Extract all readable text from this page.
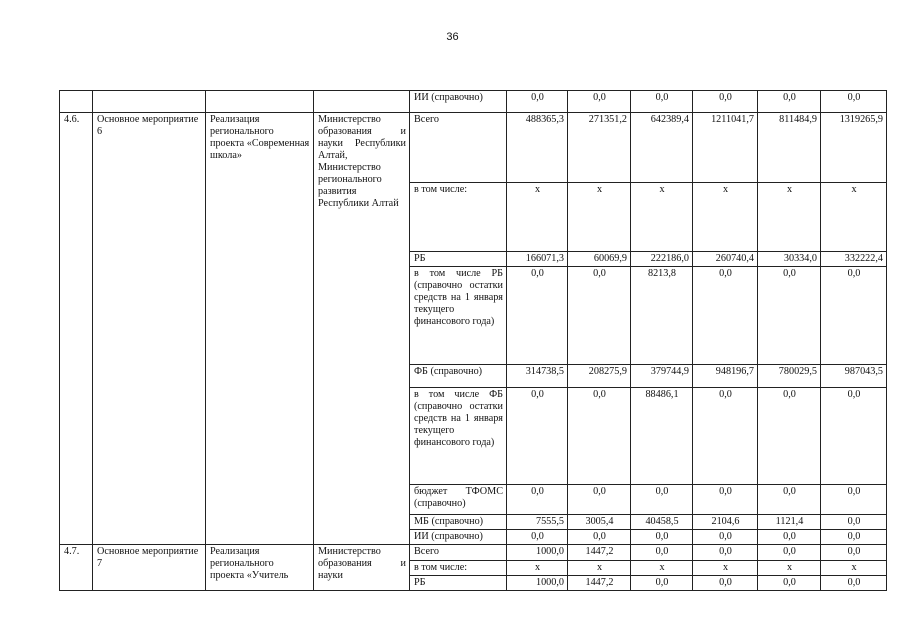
36
				ИИ (справочно)	0,0	0,0	0,0	0,0	0,0	0,0
4.6.	Основное мероприятие 6	Реализация регионального проекта «Современная школа»	Министерство образования и науки Республики Алтай, Министерство регионального развития Республики Алтай	Всего	488365,3	271351,2	642389,4	1211041,7	811484,9	1319265,9
				в том числе:	х	х	х	х	х	х
				РБ	166071,3	60069,9	222186,0	260740,4	30334,0	332222,4
				в том числе РБ (справочно остатки средств на 1 января текущего финансового года)	0,0	0,0	8213,8	0,0	0,0	0,0
				ФБ (справочно)	314738,5	208275,9	379744,9	948196,7	780029,5	987043,5
				в том числе ФБ (справочно остатки средств на 1 января текущего финансового года)	0,0	0,0	88486,1	0,0	0,0	0,0
				бюджет ТФОМС (справочно)	0,0	0,0	0,0	0,0	0,0	0,0
				МБ (справочно)	7555,5	3005,4	40458,5	2104,6	1121,4	0,0
				ИИ (справочно)	0,0	0,0	0,0	0,0	0,0	0,0
4.7.	Основное мероприятие 7	Реализация регионального проекта «Учитель	Министерство образования и науки	Всего	1000,0	1447,2	0,0	0,0	0,0	0,0
				в том числе:	х	х	х	х	х	х
				РБ	1000,0	1447,2	0,0	0,0	0,0	0,0
